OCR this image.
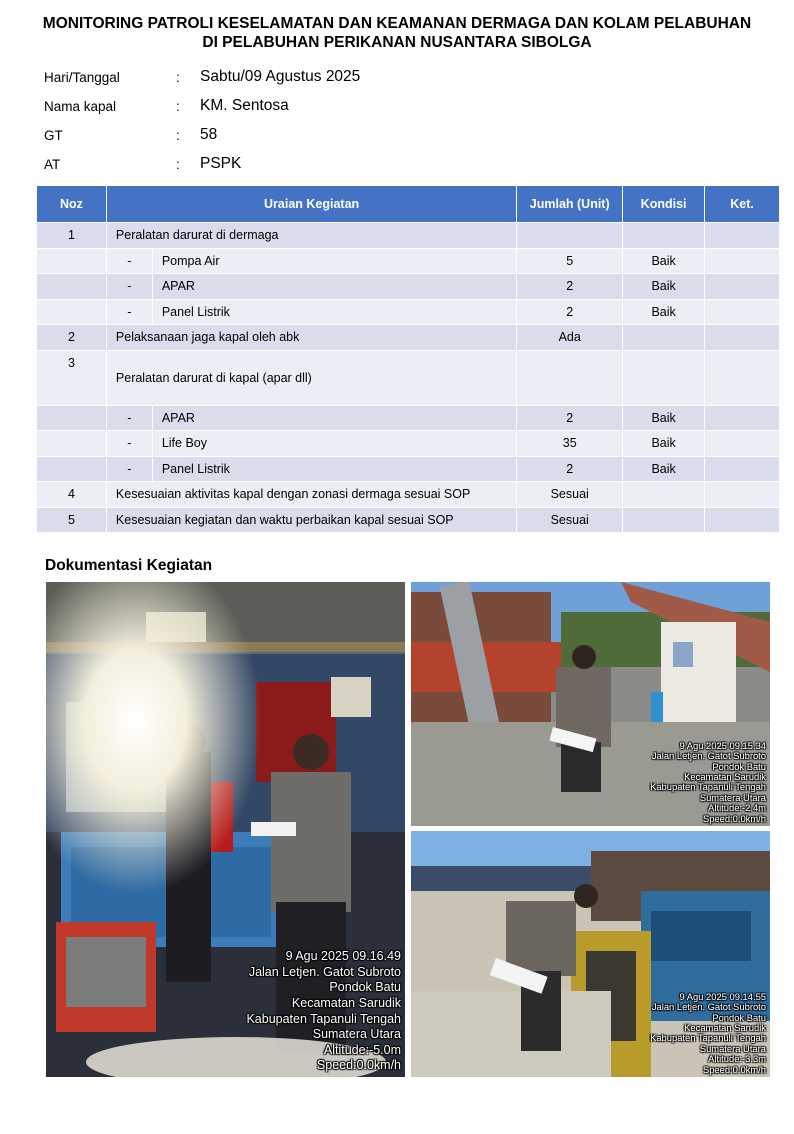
MONITORING PATROLI KESELAMATAN DAN KEAMANAN DERMAGA DAN KOLAM PELABUHAN
DI PELABUHAN PERIKANAN NUSANTARA SIBOLGA
Hari/Tanggal	: Sabtu/09 Agustus 2025
Nama kapal	: KM. Sentosa
GT	: 58
AT	: PSPK
Noz	Uraian Kegiatan		Jumlah (Unit)	Kondisi	Ket.
1	Peralatan darurat di dermaga				
	-	Pompa Air	5	Baik	
	-	APAR	2	Baik	
	-	Panel Listrik	2	Baik	
2	Pelaksanaan jaga kapal oleh abk		Ada		
3	Peralatan darurat di kapal (apar dll)				
	-	APAR	2	Baik	
	-	Life Boy	35	Baik	
	-	Panel Listrik	2	Baik	
4	Kesesuaian aktivitas kapal dengan zonasi dermaga sesuai SOP		Sesuai		
5	Kesesuaian kegiatan dan waktu perbaikan kapal sesuai SOP		Sesuai		
Dokumentasi Kegiatan
9 Agu 2025 09.16.49
Jalan Letjen. Gatot Subroto
Pondok Batu
Kecamatan Sarudik
Kabupaten Tapanuli Tengah
Sumatera Utara
Altitude:-5.0m
Speed:0.0km/h
9 Agu 2025 09.15.34
Jalan Letjen. Gatot Subroto
Pondok Batu
Kecamatan Sarudik
Kabupaten Tapanuli Tengah
Sumatera Utara
Altitude:-2.4m
Speed:0.0km/h
9 Agu 2025 09.14.55
Jalan Letjen. Gatot Subroto
Pondok Batu
Kecamatan Sarudik
Kabupaten Tapanuli Tengah
Sumatera Utara
Altitude:-3.3m
Speed:0.0km/h
